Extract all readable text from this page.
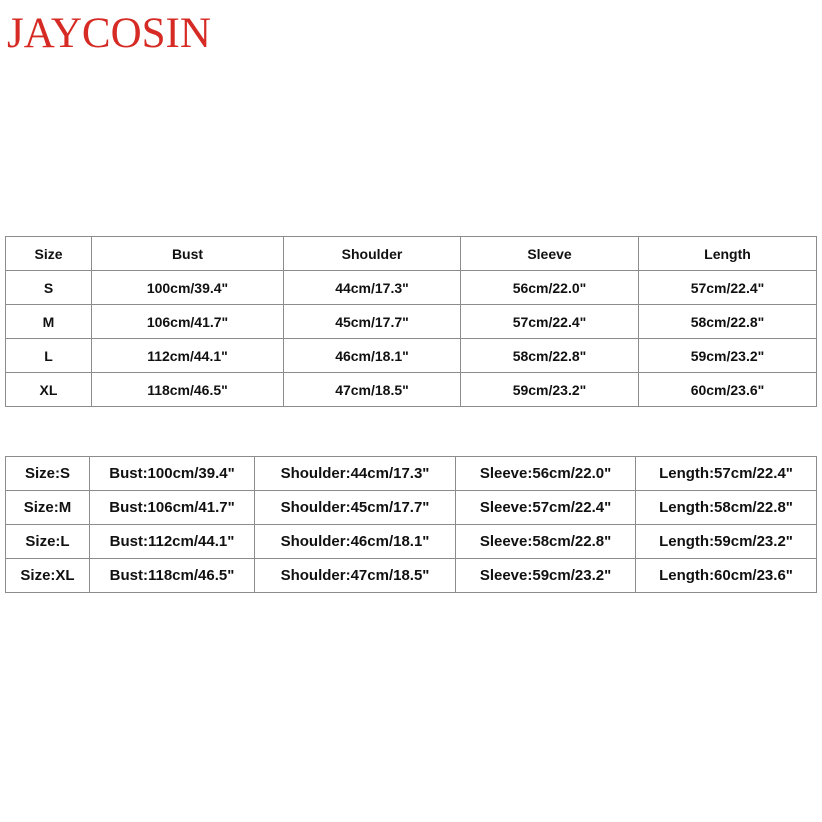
JAYCOSIN
Size	Bust	Shoulder	Sleeve	Length
S	100cm/39.4"	44cm/17.3"	56cm/22.0"	57cm/22.4"
M	106cm/41.7"	45cm/17.7"	57cm/22.4"	58cm/22.8"
L	112cm/44.1"	46cm/18.1"	58cm/22.8"	59cm/23.2"
XL	118cm/46.5"	47cm/18.5"	59cm/23.2"	60cm/23.6"
Size:S	Bust:100cm/39.4"	Shoulder:44cm/17.3"	Sleeve:56cm/22.0"	Length:57cm/22.4"
Size:M	Bust:106cm/41.7"	Shoulder:45cm/17.7"	Sleeve:57cm/22.4"	Length:58cm/22.8"
Size:L	Bust:112cm/44.1"	Shoulder:46cm/18.1"	Sleeve:58cm/22.8"	Length:59cm/23.2"
Size:XL	Bust:118cm/46.5"	Shoulder:47cm/18.5"	Sleeve:59cm/23.2"	Length:60cm/23.6"
